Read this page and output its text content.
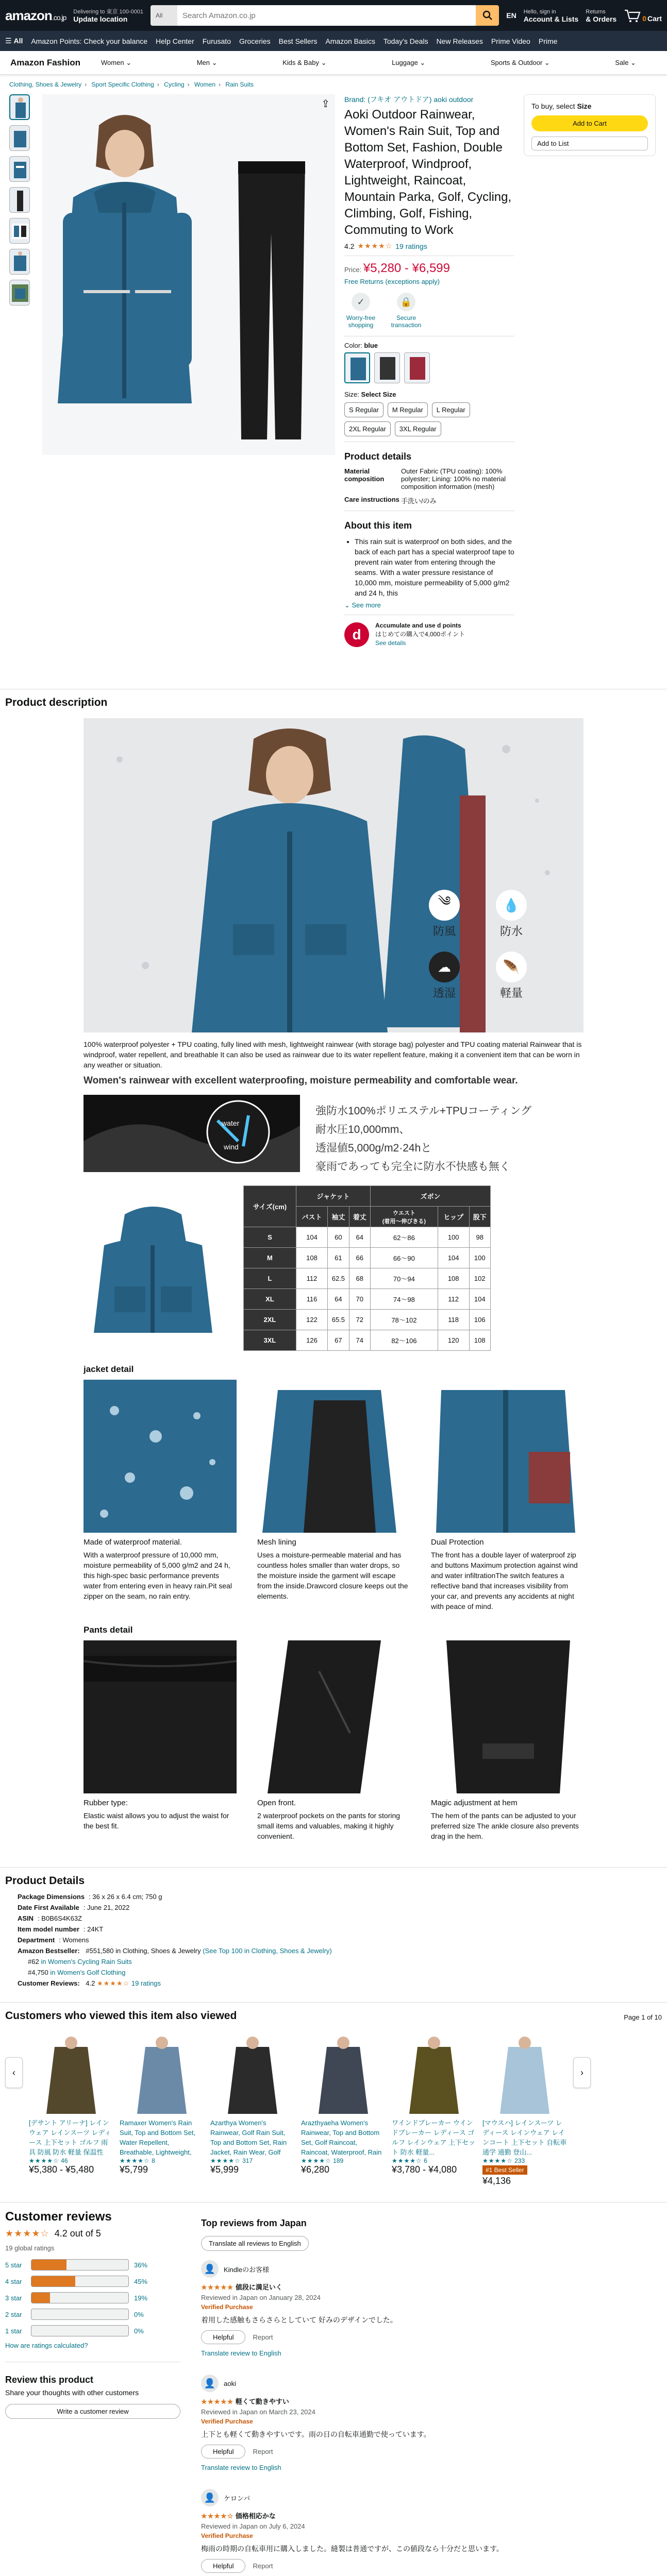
amazon.co.jp
Delivering to 東京 100-0001
Update location	All
Search Amazon.co.jp	EN Hello, sign in
Account & Lists
Returns
& Orders	0 Cart
☰ All Amazon Points: Check your balance Help Center Furusato Groceries Best Sellers Amazon Basics Today's Deals New Releases Prime Video Prime
Amazon Fashion	Women ⌄	Men ⌄	Kids & Baby ⌄	Luggage ⌄	Sports & Outdoor ⌄	Sale ⌄
Clothing, Shoes & Jewelry › Sport Specific Clothing › Cycling › Women › Rain Suits
⇪ Brand: (フキオ アウトドア) aoki outdoor
Aoki Outdoor Rainwear, Women's Rain Suit, Top and Bottom Set, Fashion, Double Waterproof, Windproof, Lightweight, Raincoat, Mountain Parka, Golf, Cycling, Climbing, Golf, Fishing, Commuting to Work
4.2 ★★★★☆ 19 ratings
Price: ¥5,280 - ¥6,599
Free Returns (exceptions apply)
✓
Worry-free shopping
🔒
Secure transaction
Color: blue
Size: Select Size
S Regular	M Regular	L Regular
2XL Regular	3XL Regular
Product details
Material composition
Outer Fabric (TPU coating): 100% polyester; Lining: 100% no material composition information (mesh)
Care instructions 手洗い/のみ
About this item
• This rain suit is waterproof on both sides, and the back of each part has a special waterproof tape to prevent rain water from entering through the seams. With a water pressure resistance of 10,000 mm, moisture permeability of 5,000 g/m2 and 24 h, this
⌄ See more
d
Accumulate and use d points
はじめての購入で4,000ポイント
See details
To buy, select Size
Add to Cart
Add to List
Product description
༄
防風
💧
防水
☁
透湿
🪶
軽量

100% waterproof polyester + TPU coating, fully lined with mesh, lightweight rainwear (with storage bag) polyester and TPU coating material Rainwear that is windproof, water repellent, and breathable It can also be used as rainwear due to its water repellent feature, making it a convenient item that can be worn in any weather or situation.

Women's rainwear with excellent waterproofing, moisture permeability and comfortable wear.
water
wind
強防水100%ポリエステル+TPUコーティング
耐水圧10,000mm、
透湿値5,000g/m2·24hと
豪雨であっても完全に防水不快感も無く
サイズ(cm)	ジャケット			ズボン		
	バスト	袖丈	着丈	ウエスト
(着用〜伸びきる)	ヒップ	股下
S	104	60	64	62〜86	100	98
M	108	61	66	66〜90	104	100
L	112	62.5	68	70〜94	108	102
XL	116	64	70	74〜98	112	104
2XL	122	65.5	72	78〜102	118	106
3XL	126	67	74	82〜106	120	108
jacket detail
Made of waterproof material.
With a waterproof pressure of 10,000 mm, moisture permeability of 5,000 g/m2 and 24 h, this high-spec basic performance prevents water from entering even in heavy rain.Pit seal zipper on the seam, no rain entry.
Mesh lining
Uses a moisture-permeable material and has countless holes smaller than water drops, so the moisture inside the garment will escape from the inside.Drawcord closure keeps out the elements.
Dual Protection
The front has a double layer of waterproof zip and buttons Maximum protection against wind and water infiltrationThe switch features a reflective band that increases visibility from your car, and prevents any accidents at night with peace of mind.
Pants detail
Rubber type:
Elastic waist allows you to adjust the waist for the best fit.
Open front.
2 waterproof pockets on the pants for storing small items and valuables, making it highly convenient.
Magic adjustment at hem
The hem of the pants can be adjusted to your preferred size The ankle closure also prevents drag in the hem.
Product Details
Package Dimensions ‏:‎ 36 x 26 x 6.4 cm; 750 g
Date First Available ‏:‎ June 21, 2022
ASIN ‏:‎ B0B6S4K63Z
Item model number ‏:‎ 24KT
Department ‏:‎ Womens
Amazon Bestseller: #551,580 in Clothing, Shoes & Jewelry (See Top 100 in Clothing, Shoes & Jewelry)
#62 in Women's Cycling Rain Suits
#4,750 in Women's Golf Clothing
Customer Reviews: 4.2 ★★★★☆ 19 ratings
Customers who viewed this item also viewed	Page 1 of 10
‹
[デサント アリーナ] レインウェア レインスーツ レディース 上下セット ゴルフ 雨具 防風 防水 軽量 保温性
★★★★☆ 46
¥5,380 - ¥5,480
Ramaxer Women's Rain Suit, Top and Bottom Set, Water Repellent, Breathable, Lightweight,
★★★★☆ 8
¥5,799
Azarthya Women's Rainwear, Golf Rain Suit, Top and Bottom Set, Rain Jacket, Rain Wear, Golf
★★★★☆ 317
¥5,999
Arazthyaeha Women's Rainwear, Top and Bottom Set, Golf Raincoat, Raincoat, Waterproof, Rain
★★★★☆ 189
¥6,280
ワインドブレーカー ウインドブレーカー レディース ゴルフ レインウェア 上下セット 防水 軽量...
★★★★☆ 6
¥3,780 - ¥4,080
[マウスハ] レインスーツ レディース レインウェア レインコート 上下セット 自転車 通学 通勤 登山...
★★★★☆ 233
#1 Best Seller
¥4,136
›
Customer reviews
★★★★☆ 4.2 out of 5
19 global ratings
5 star	36%
4 star	45%
3 star	19%
2 star	0%
1 star	0%
How are ratings calculated?
Review this product
Share your thoughts with other customers
Write a customer review
Top reviews from Japan
Translate all reviews to English
👤	Kindleのお客様
★★★★★ 値段に満足いく
Reviewed in Japan on January 28, 2024
Verified Purchase
着用した感触もさらさらとしていて 好みのデザインでした。
Helpful	Report
Translate review to English
👤	aoki
★★★★★ 軽くて動きやすい
Reviewed in Japan on March 23, 2024
Verified Purchase
上下とも軽くて動きやすいです。雨の日の自転車通勤で使っています。
Helpful	Report
Translate review to English
👤	ケロンパ
★★★★☆ 価格相応かな
Reviewed in Japan on July 6, 2024
Verified Purchase
梅雨の時期の自転車用に購入しました。縫製は普通ですが、この値段なら十分だと思います。
Helpful	Report
